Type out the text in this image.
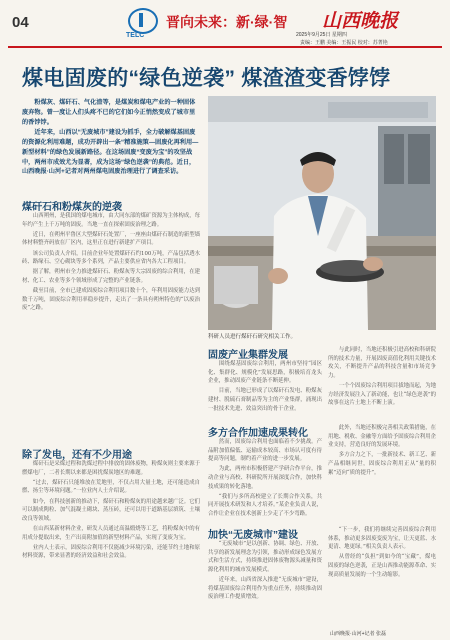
04
TELC
晋向未来：新·绿·智 山西晚报
2025年9月25日 星期四
责编：王鹏 美编：王振民 校对：苏菁艳
煤电固废的“绿色逆袭” 煤渣渣变香饽饽
粉煤灰、煤矸石、气化渣等，是煤炭和煤电产业的一种固体废弃物。曾一度让人们头疼不已的它们如今正悄然变成了城市里的香饽饽。
近年来，山西以“无废城市”建设为抓手，全力破解煤基固废的资源化利用难题，成功开辟出一条“精准施策—固废化再利用—新型材料”的绿色发展新路径。在这场固废“变废为宝”的攻坚战中，两州市成效尤为显著，成为这场“绿色逆袭”的典范。近日，山西晚报·山河+记者对两州煤电固废治理进行了调查采访。
科研人员进行煤矸石研究相关工作。
煤矸石和粉煤灰的逆袭

山西朔州，是我国的煤电城市，由大同东部的煤矿资源为主体构成，每年约产生上千万吨的固废。当地一直在探索固废治理之路。

近日，在朔州平鲁区大型煤矸石处置厂，一座座由煤矸石制造的新型墙体材料整齐码放在厂区内，这里正在进行新建扩产项目。

该公司负责人介绍，目前企业年处置煤矸石约100万吨，产品包括透水砖、路缘石、空心砌块等多个系列，产品主要供应省内各大工程项目。

据了解，朔州市全力推进煤矸石、粉煤灰等大宗固废的综合利用，在建材、化工、农业等多个领域形成了完整的产业链条。

截至目前，全市已建成固废综合利用项目数十个，年利用固废能力达到数千万吨，固废综合利用率稳步提升，走出了一条具有朔州特色的“以废治废”之路。

除了发电，还有不少用途

煤矸石是采煤过程和洗煤过程中排放的固体废物，粉煤灰则主要来源于燃煤电厂，二者长期以来都是困扰煤炭地区的难题。

“过去，煤矸石只能堆放在荒地里，不仅占用大量土地，还可能造成自燃、扬尘等环境问题。”一位业内人士介绍说。

如今，在科技创新的推动下，煤矸石和粉煤灰的用途越来越广泛。它们可以制成陶粒、加气混凝土砌块、蒸压砖，还可以用于道路基层填筑、土壤改良等领域。

在山西某新材料企业，研发人员通过高温煅烧等工艺，将粉煤灰中的有用成分提取出来，生产出高附加值的新型材料产品，实现了变废为宝。

业内人士表示，固废综合利用不仅能减少环境污染，还能节约土地和原材料资源，带来显著的经济效益和社会效益。

固废产业集群发展

围绕煤基固废综合利用，两州市坚持“园区化、集群化、规模化”发展思路，积极培育龙头企业，推动固废产业链条不断延伸。

目前，当地已形成了以煤矸石发电、粉煤灰建材、脱硫石膏制品等为主的产业集群，涌现出一批技术先进、效益突出的骨干企业。

与此同时，当地还积极引进高校和科研院所的技术力量，开展固废高值化利用关键技术攻关，不断提升产品的科技含量和市场竞争力。

一个个固废综合利用项目拔地而起，为地方经济发展注入了新动能，也让“绿色逆袭”的故事在这片土地上不断上演。

多方合作加速成果转化

然而，固废综合利用也面临着不少挑战。产品附加值偏低、运输成本较高、市场认可度有待提高等问题，制约着产业的进一步发展。

为此，两州市积极搭建产学研合作平台，推动企业与高校、科研院所开展深度合作，加快科技成果的转化落地。

“我们与多所高校建立了长期合作关系，共同开展技术研发和人才培养。”某企业负责人说，合作让企业在技术创新上少走了不少弯路。

此外，当地还积极完善相关政策措施，在用地、税收、金融等方面给予固废综合利用企业支持，营造良好的发展环境。

多方合力之下，一批新技术、新工艺、新产品相继问世，固废综合利用正从“量的积累”迈向“质的提升”。

加快“无废城市”建设

“无废城市”是以创新、协调、绿色、开放、共享的新发展理念为引领，推动形成绿色发展方式和生活方式，持续推进固体废物源头减量和资源化利用的城市发展模式。

近年来，山西省深入推进“无废城市”建设，将煤基固废综合利用作为重点任务，持续推动固废治理工作提质增效。

“下一步，我们将继续完善固废综合利用体系，推动更多固废变废为宝，让天更蓝、水更清、地更绿。”相关负责人表示。

从曾经的“负担”到如今的“宝藏”，煤电固废的绿色逆袭，正是山西推动能源革命、实现高质量发展的一个生动缩影。

山西晚报·山河+记者 张磊
